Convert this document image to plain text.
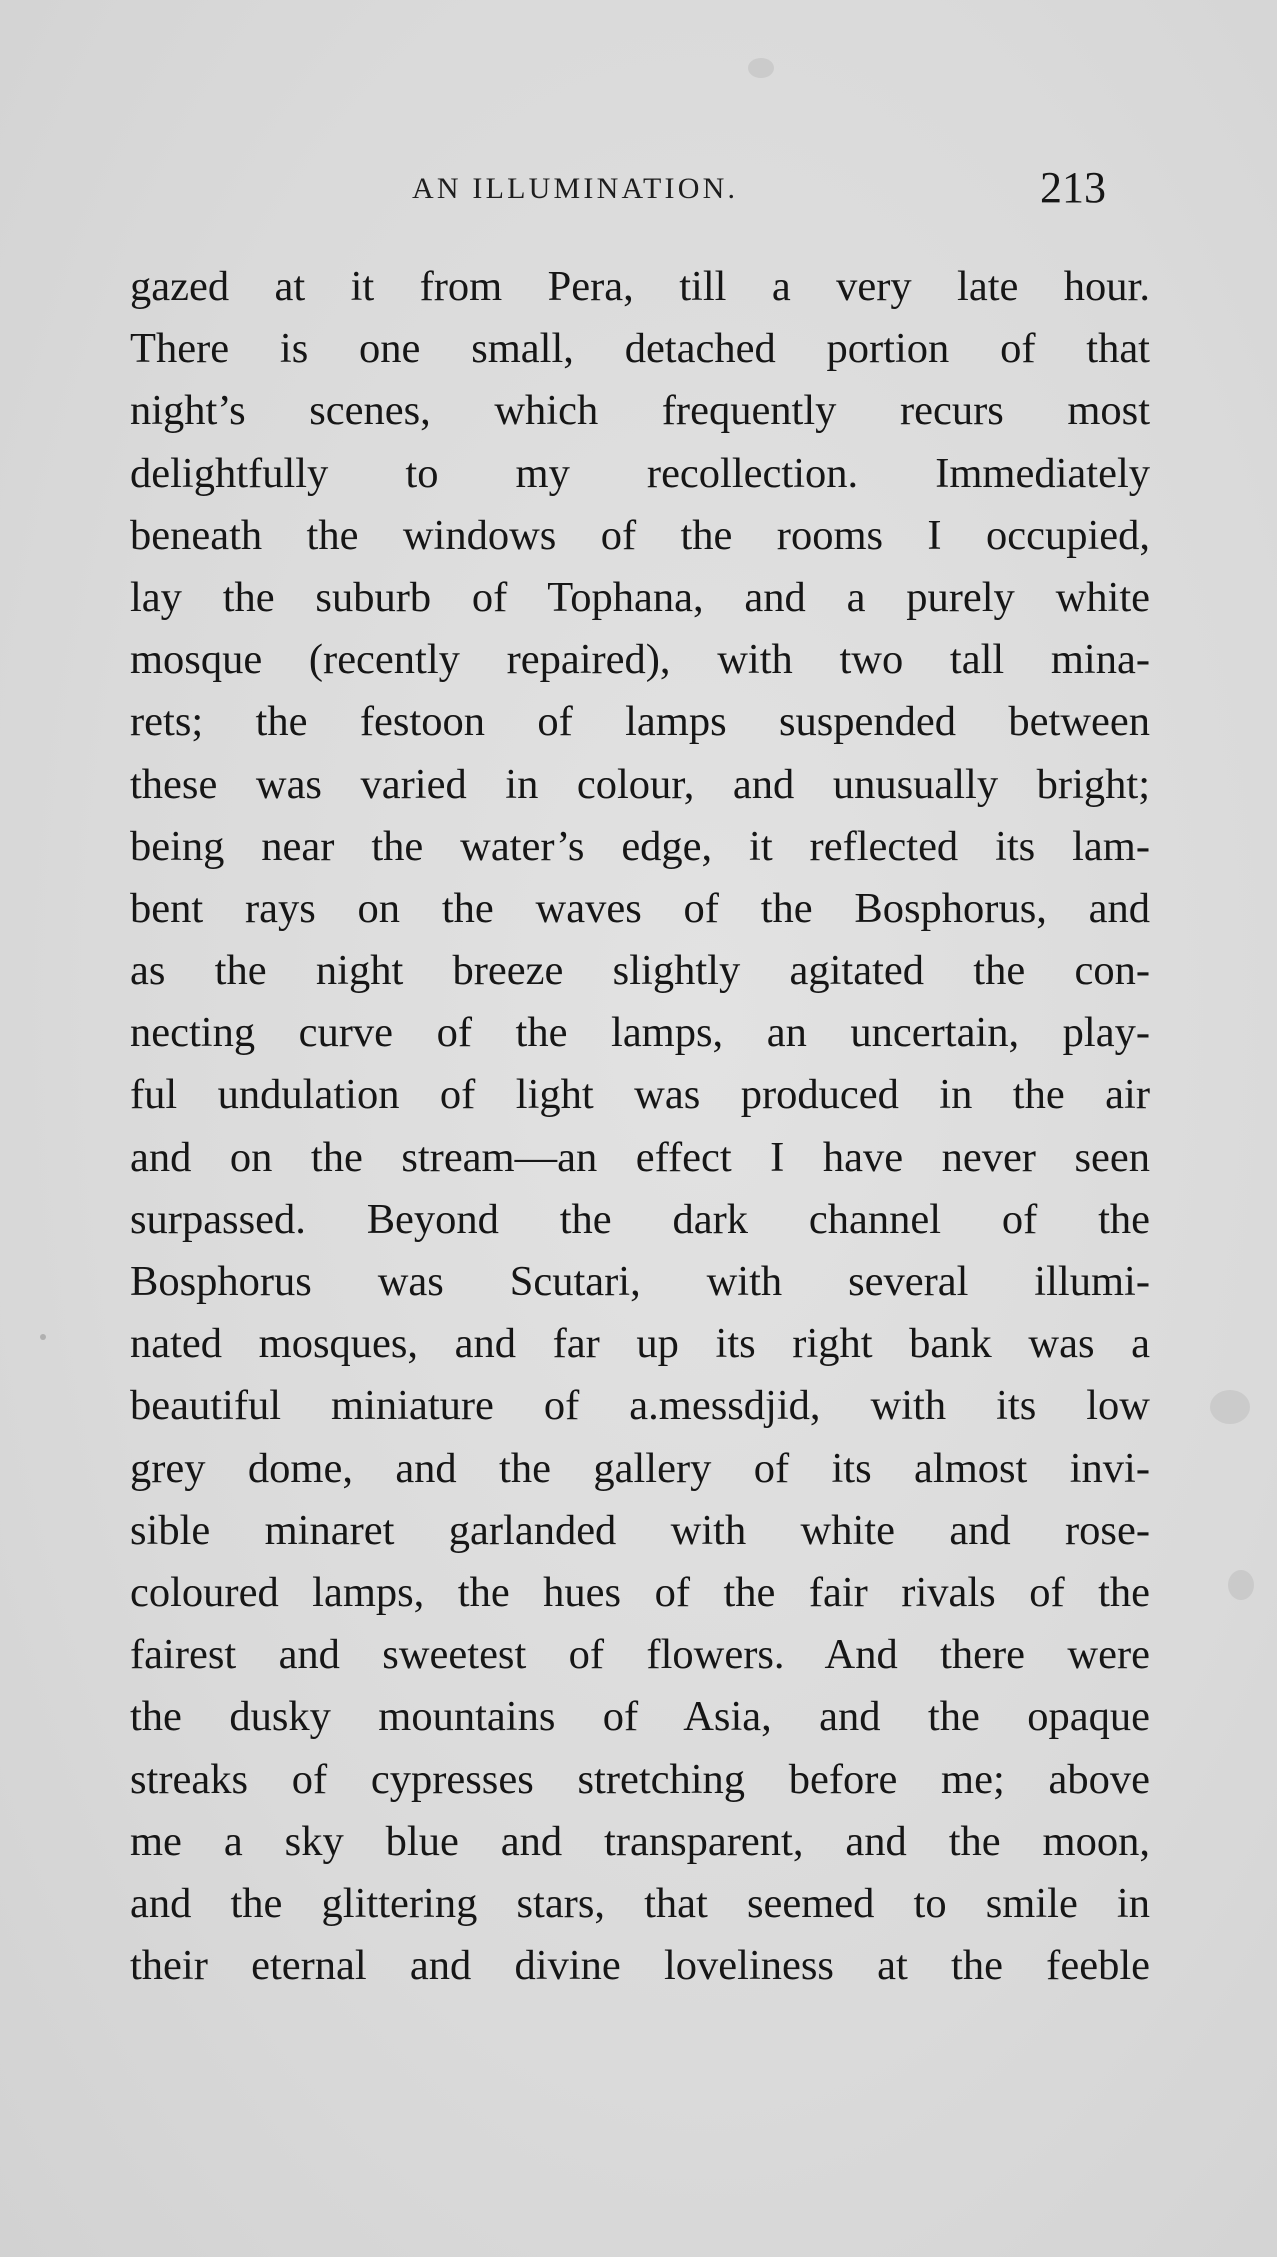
AN ILLUMINATION.	213
gazed at it from Pera, till a very late hour.
There is one small, detached portion of that
night’s scenes, which frequently recurs most
delightfully to my recollection. Immediately
beneath the windows of the rooms I occupied,
lay the suburb of Tophana, and a purely white
mosque (recently repaired), with two tall mina-
rets; the festoon of lamps suspended between
these was varied in colour, and unusually bright;
being near the water’s edge, it reflected its lam-
bent rays on the waves of the Bosphorus, and
as the night breeze slightly agitated the con-
necting curve of the lamps, an uncertain, play-
ful undulation of light was produced in the air
and on the stream—an effect I have never seen
surpassed. Beyond the dark channel of the
Bosphorus was Scutari, with several illumi-
nated mosques, and far up its right bank was a
beautiful miniature of a.messdjid, with its low
grey dome, and the gallery of its almost invi-
sible minaret garlanded with white and rose-
coloured lamps, the hues of the fair rivals of the
fairest and sweetest of flowers. And there were
the dusky mountains of Asia, and the opaque
streaks of cypresses stretching before me; above
me a sky blue and transparent, and the moon,
and the glittering stars, that seemed to smile in
their eternal and divine loveliness at the feeble
